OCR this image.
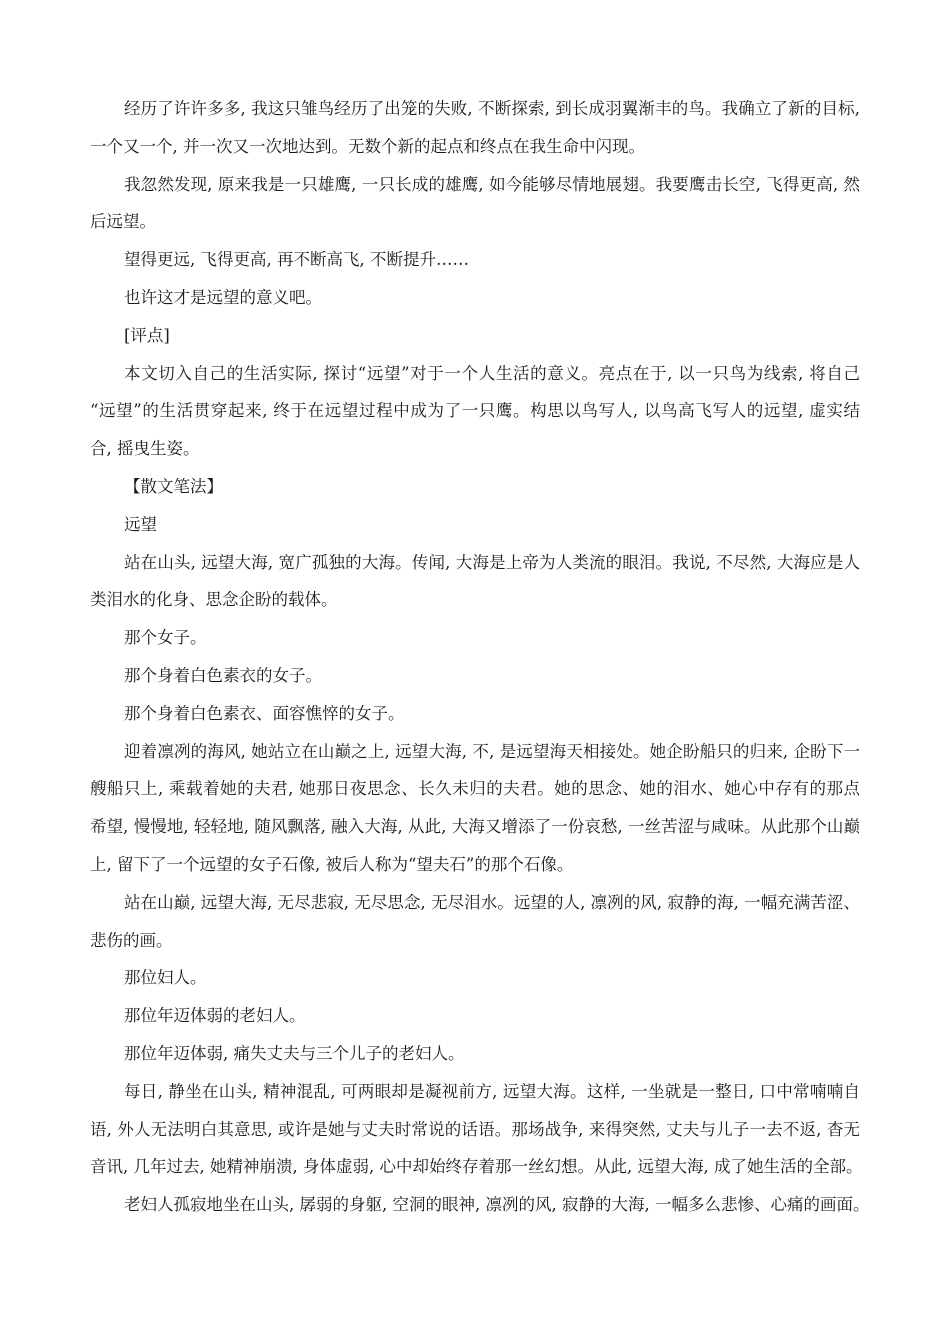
经历了许许多多, 我这只雏鸟经历了出笼的失败, 不断探索, 到长成羽翼渐丰的鸟。我确立了新的目标,
一个又一个, 并一次又一次地达到。无数个新的起点和终点在我生命中闪现。
我忽然发现, 原来我是一只雄鹰, 一只长成的雄鹰, 如今能够尽情地展翅。我要鹰击长空, 飞得更高, 然
后远望。
望得更远, 飞得更高, 再不断高飞, 不断提升……
也许这才是远望的意义吧。
[评点]
本文切入自己的生活实际, 探讨“远望”对于一个人生活的意义。亮点在于, 以一只鸟为线索, 将自己
“远望”的生活贯穿起来, 终于在远望过程中成为了一只鹰。构思以鸟写人, 以鸟高飞写人的远望, 虚实结
合, 摇曳生姿。
【散文笔法】
远望
站在山头, 远望大海, 宽广孤独的大海。传闻, 大海是上帝为人类流的眼泪。我说, 不尽然, 大海应是人
类泪水的化身、思念企盼的载体。
那个女子。
那个身着白色素衣的女子。
那个身着白色素衣、面容憔悴的女子。
迎着凛冽的海风, 她站立在山巅之上, 远望大海, 不, 是远望海天相接处。她企盼船只的归来, 企盼下一
艘船只上, 乘载着她的夫君, 她那日夜思念、长久未归的夫君。她的思念、她的泪水、她心中存有的那点
希望, 慢慢地, 轻轻地, 随风飘落, 融入大海, 从此, 大海又增添了一份哀愁, 一丝苦涩与咸味。从此那个山巅
上, 留下了一个远望的女子石像, 被后人称为“望夫石”的那个石像。
站在山巅, 远望大海, 无尽悲寂, 无尽思念, 无尽泪水。远望的人, 凛冽的风, 寂静的海, 一幅充满苦涩、
悲伤的画。
那位妇人。
那位年迈体弱的老妇人。
那位年迈体弱, 痛失丈夫与三个儿子的老妇人。
每日, 静坐在山头, 精神混乱, 可两眼却是凝视前方, 远望大海。这样, 一坐就是一整日, 口中常喃喃自
语, 外人无法明白其意思, 或许是她与丈夫时常说的话语。那场战争, 来得突然, 丈夫与儿子一去不返, 杳无
音讯, 几年过去, 她精神崩溃, 身体虚弱, 心中却始终存着那一丝幻想。从此, 远望大海, 成了她生活的全部。
老妇人孤寂地坐在山头, 孱弱的身躯, 空洞的眼神, 凛冽的风, 寂静的大海, 一幅多么悲惨、心痛的画面。
